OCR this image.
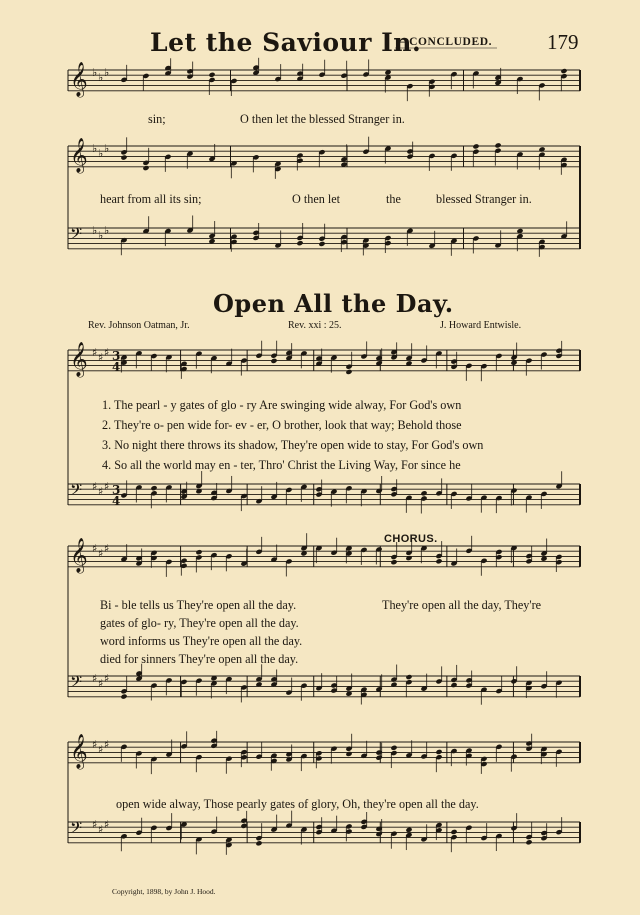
𝄞 ♭ ♭ ♭
𝄞 ♭ ♭ ♭
𝄢 ♭ ♭ ♭
𝄞 ♯ ♯ ♯
𝄢 ♯ ♯ ♯
𝄞 ♯ ♯ ♯
𝄢 ♯ ♯ ♯
𝄞 ♯ ♯ ♯
𝄢 ♯ ♯ ♯
3
4
3
4
Let the Saviour In.
—CONCLUDED.	179
sin;	O then let the blessed Stranger in.
heart from all its sin;	O then let	the	blessed Stranger in.
Open All the Day.
Rev. Johnson Oatman, Jr.	Rev. xxi : 25.	J. Howard Entwisle.
1. The pearl - y gates of glo - ry Are swinging wide alway, For God's own
2. They're o- pen wide for- ev - er, O brother, look that way; Behold those
3. No night there throws its shadow, They're open wide to stay, For God's own
4. So all the world may en - ter, Thro' Christ the Living Way, For since he
CHORUS.
Bi - ble tells us They're open all the day.
gates of glo- ry, They're open all the day.
word informs us They're open all the day.
died for sinners They're open all the day.
They're open all the day, They're
open wide alway, Those pearly gates of glory, Oh, they're open all the day.
Copyright, 1898, by John J. Hood.
